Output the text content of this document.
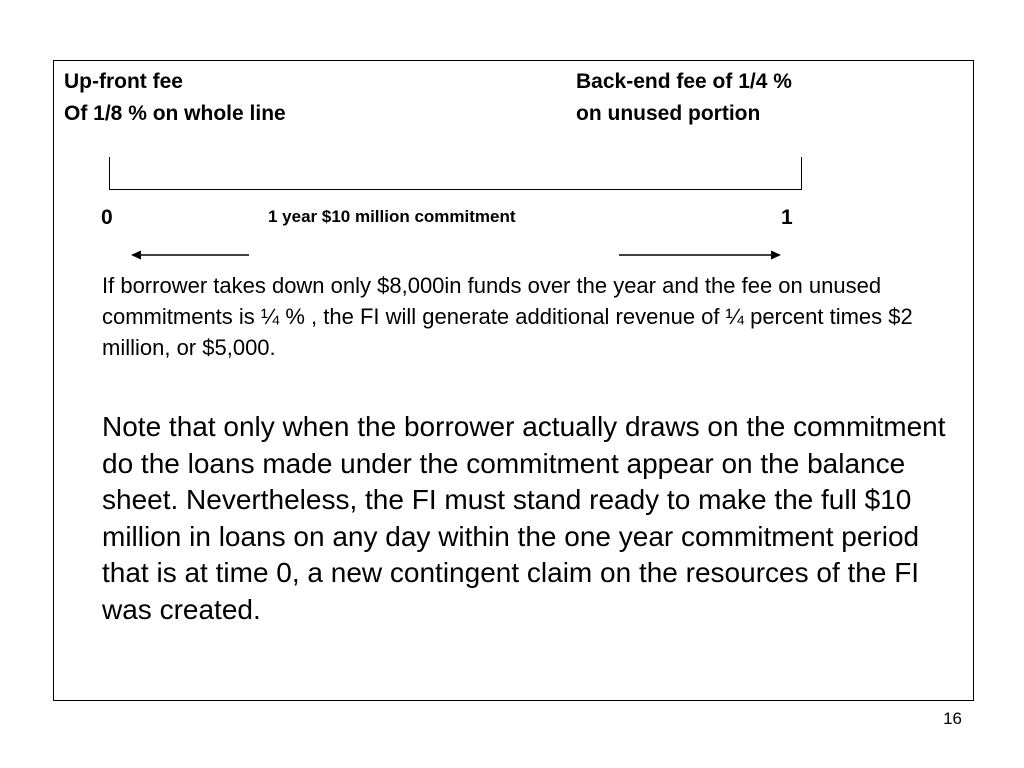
Up-front fee
Of 1/8 % on whole line
Back-end fee of 1/4 %
on unused portion
0	1 year $10 million commitment	1
If borrower takes down only $8,000in funds over the year and the fee on unused commitments is ¼ % , the FI will generate additional revenue of ¼ percent times $2 million, or $5,000.
Note that only when the borrower actually draws on the commitment do the loans made under the commitment appear on the balance sheet. Nevertheless, the FI must stand ready to make the full $10 million in loans on any day within the one year commitment period that is at time 0, a new contingent claim on the resources of the FI was created.
16
